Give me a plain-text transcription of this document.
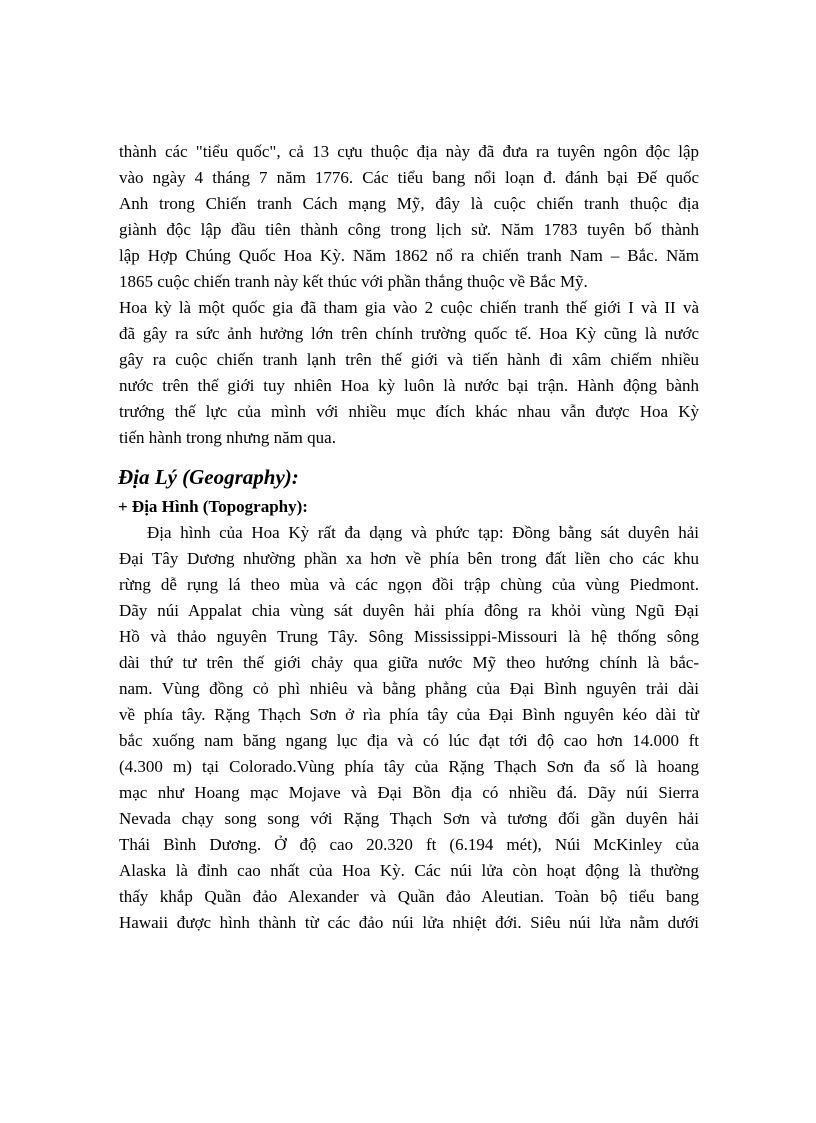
thành các "tiểu quốc", cả 13 cựu thuộc địa này đã đưa ra tuyên ngôn độc lập
vào ngày 4 tháng 7 năm 1776. Các tiểu bang nổi loạn đ. đánh bại Đế quốc
Anh trong Chiến tranh Cách mạng Mỹ, đây là cuộc chiến tranh thuộc địa
giành độc lập đầu tiên thành công trong lịch sử. Năm 1783 tuyên bố thành
lập Hợp Chúng Quốc Hoa Kỳ. Năm 1862 nổ ra chiến tranh Nam – Bắc. Năm
1865 cuộc chiến tranh này kết thúc với phần thắng thuộc về Bắc Mỹ.
Hoa kỳ là một quốc gia đã tham gia vào 2 cuộc chiến tranh thế giới I và II và
đã gây ra sức ảnh hưởng lớn trên chính trường quốc tế. Hoa Kỳ cũng là nước
gây ra cuộc chiến tranh lạnh trên thế giới và tiến hành đi xâm chiếm nhiều
nước trên thế giới tuy nhiên Hoa kỳ luôn là nước bại trận. Hành động bành
trướng thế lực của mình với nhiều mục đích khác nhau vẫn được Hoa Kỳ
tiến hành trong nhưng năm qua.
Địa Lý (Geography):
+ Địa Hình (Topography):
Địa hình của Hoa Kỳ rất đa dạng và phức tạp: Đồng bằng sát duyên hải
Đại Tây Dương nhường phần xa hơn về phía bên trong đất liền cho các khu
rừng dễ rụng lá theo mùa và các ngọn đồi trập chùng của vùng Piedmont.
Dãy núi Appalat chia vùng sát duyên hải phía đông ra khỏi vùng Ngũ Đại
Hồ và thảo nguyên Trung Tây. Sông Mississippi-Missouri là hệ thống sông
dài thứ tư trên thế giới chảy qua giữa nước Mỹ theo hướng chính là bắc-
nam. Vùng đồng cỏ phì nhiêu và bằng phẳng của Đại Bình nguyên trải dài
về phía tây. Rặng Thạch Sơn ở rìa phía tây của Đại Bình nguyên kéo dài từ
bắc xuống nam băng ngang lục địa và có lúc đạt tới độ cao hơn 14.000 ft
(4.300 m) tại Colorado.Vùng phía tây của Rặng Thạch Sơn đa số là hoang
mạc như Hoang mạc Mojave và Đại Bồn địa có nhiều đá. Dãy núi Sierra
Nevada chạy song song với Rặng Thạch Sơn và tương đối gần duyên hải
Thái Bình Dương. Ở độ cao 20.320 ft (6.194 mét), Núi McKinley của
Alaska là đỉnh cao nhất của Hoa Kỳ. Các núi lửa còn hoạt động là thường
thấy khắp Quần đảo Alexander và Quần đảo Aleutian. Toàn bộ tiểu bang
Hawaii được hình thành từ các đảo núi lửa nhiệt đới. Siêu núi lửa nằm dưới
